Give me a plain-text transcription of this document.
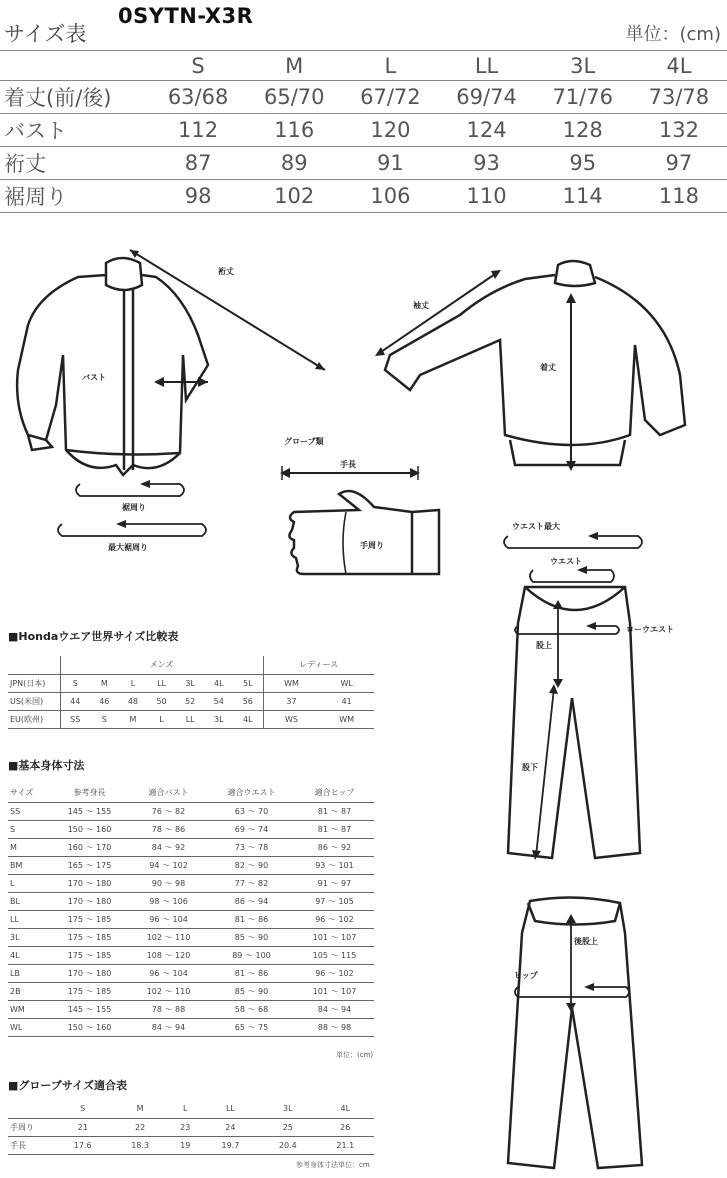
サイズ表
0SYTN-X3R
単位：(cm)
	S	M	L	LL	3L	4L
着丈(前/後)	63/68	65/70	67/72	69/74	71/76	73/78
バスト	112	116	120	124	128	132
裄丈	87	89	91	93	95	97
裾周り	98	102	106	110	114	118
裄丈
バスト
裾周り
最大裾周り
袖丈
着丈
グローブ類
手長
手周り
ウエスト最大
ウエスト
ローウエスト
股上
股下
後股上
ヒップ
■Hondaウエア世界サイズ比較表
	メンズ							レディース	
JPN(日本)	S	M	L	LL	3L	4L	5L	WM	WL
US(米国)	44	46	48	50	52	54	56	37	41
EU(欧州)	SS	S	M	L	LL	3L	4L	WS	WM
■基本身体寸法
サイズ	参考身長	適合バスト	適合ウエスト	適合ヒップ
SS	145 ～ 155	76 ～ 82	63 ～ 70	81 ～ 87
S	150 ～ 160	78 ～ 86	69 ～ 74	81 ～ 87
M	160 ～ 170	84 ～ 92	73 ～ 78	86 ～ 92
BM	165 ～ 175	94 ～ 102	82 ～ 90	93 ～ 101
L	170 ～ 180	90 ～ 98	77 ～ 82	91 ～ 97
BL	170 ～ 180	98 ～ 106	86 ～ 94	97 ～ 105
LL	175 ～ 185	96 ～ 104	81 ～ 86	96 ～ 102
3L	175 ～ 185	102 ～ 110	85 ～ 90	101 ～ 107
4L	175 ～ 185	108 ～ 120	89 ～ 100	105 ～ 115
LB	170 ～ 180	96 ～ 104	81 ～ 86	96 ～ 102
2B	175 ～ 185	102 ～ 110	85 ～ 90	101 ～ 107
WM	145 ～ 155	78 ～ 88	58 ～ 68	84 ～ 94
WL	150 ～ 160	84 ～ 94	65 ～ 75	88 ～ 98
単位：(cm)
■グローブサイズ適合表
	S	M	L	LL	3L	4L
手周り	21	22	23	24	25	26
手長	17.6	18.3	19	19.7	20.4	21.1
参考身体寸法単位：cm
